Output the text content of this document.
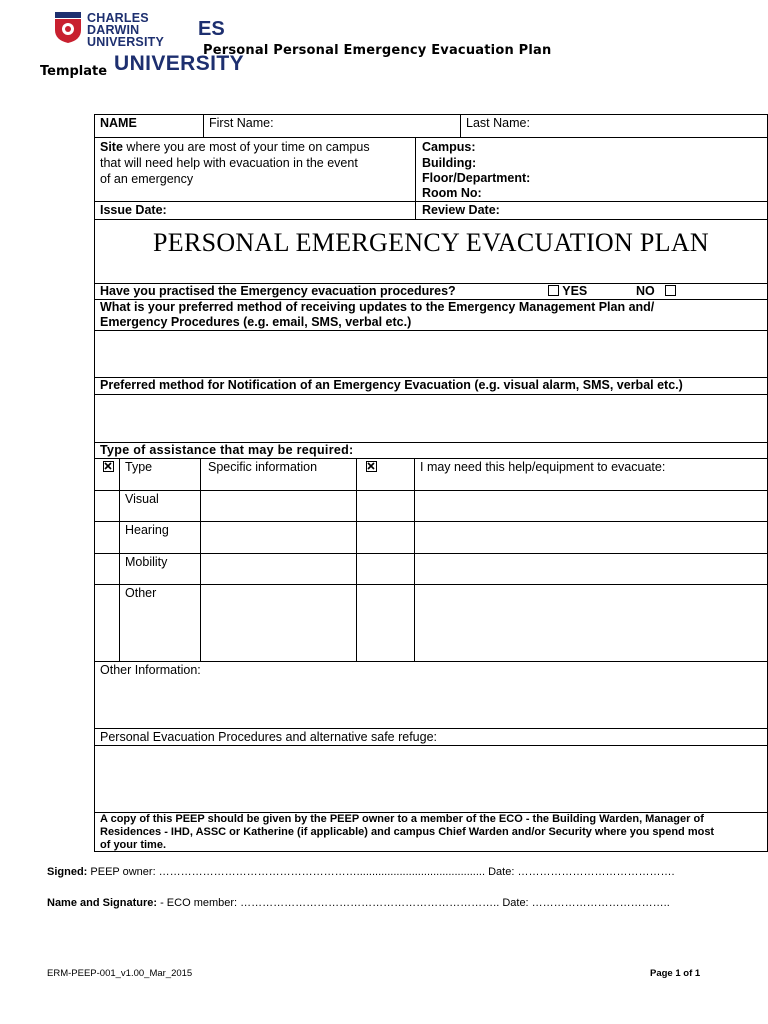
CHARLES
DARWIN
UNIVERSITY
ES
UNIVERSITY
Personal Personal Emergency Evacuation Plan
Template
NAME	First Name:	Last Name:
Site where you are most of your time on campus
that will need help with evacuation in the event
of an emergency
Campus:
Building:
Floor/Department:
Room No:
Issue Date:	Review Date:
PERSONAL EMERGENCY EVACUATION PLAN
Have you practised the Emergency evacuation procedures?	YES	NO
What is your preferred method of receiving updates to the Emergency Management Plan and/
Emergency Procedures (e.g. email, SMS, verbal etc.)
Preferred method for Notification of an Emergency Evacuation (e.g. visual alarm, SMS, verbal etc.)
Type of assistance that may be required:
Type	Specific information	I may need this help/equipment to evacuate:
Visual
Hearing
Mobility
Other
Other Information:
Personal Evacuation Procedures and alternative safe refuge:
A copy of this PEEP should be given by the PEEP owner to a member of the ECO - the Building Warden, Manager of
Residences - IHD, ASSC or Katherine (if applicable) and campus Chief Warden and/or Security where you spend most
of your time.
Signed: PEEP owner: ……………………………………………….......................................... Date: …………………………………….
Name and Signature: - ECO member: …………………………………………………………….. Date: ………………………………..
ERM-PEEP-001_v1.00_Mar_2015	Page 1 of 1
